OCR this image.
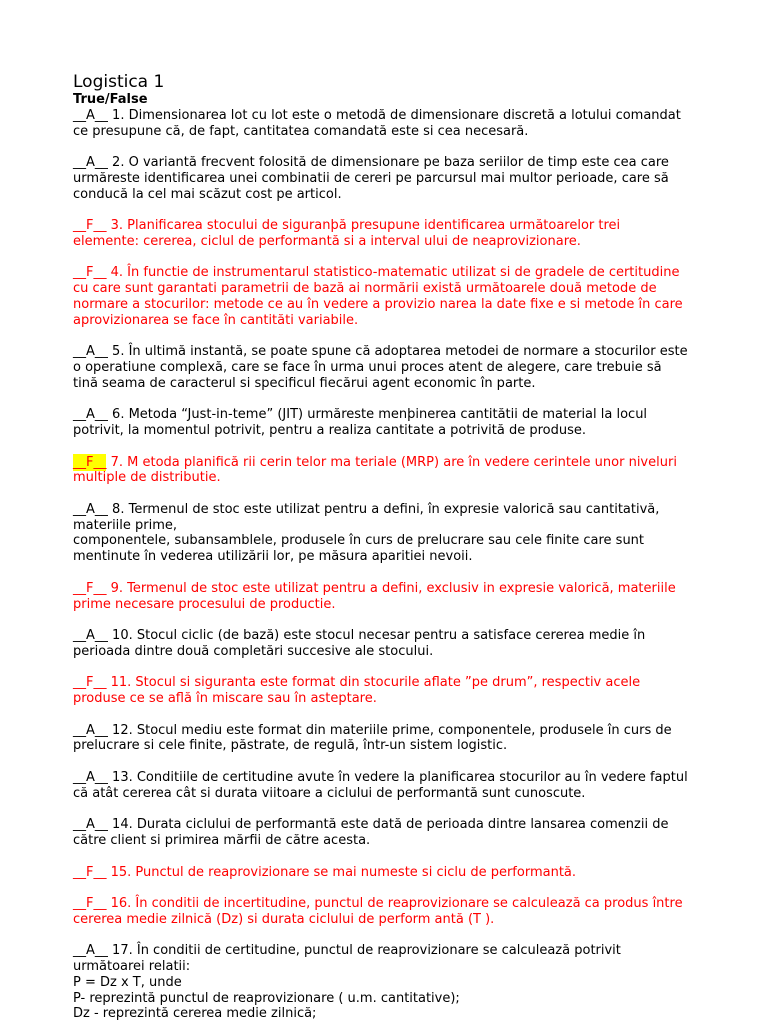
Logistica 1
True/False
__A__ 1. Dimensionarea lot cu lot este o metodă de dimensionare discretă a lotului comandat
ce presupune că, de fapt, cantitatea comandată este si cea necesară.
__A__ 2. O variantă frecvent folosită de dimensionare pe baza seriilor de timp este cea care
urmăreste identificarea unei combinatii de cereri pe parcursul mai multor perioade, care să
conducă la cel mai scăzut cost pe articol.
__F__ 3. Planificarea stocului de siguranþă presupune identificarea următoarelor trei
elemente: cererea, ciclul de performantă si a interval ului de neaprovizionare.
__F__ 4. În functie de instrumentarul statistico-matematic utilizat si de gradele de certitudine
cu care sunt garantati parametrii de bază ai normării există următoarele două metode de
normare a stocurilor: metode ce au în vedere a provizio narea la date fixe e si metode în care
aprovizionarea se face în cantităti variabile.
__A__ 5. În ultimă instantă, se poate spune că adoptarea metodei de normare a stocurilor este
o operatiune complexă, care se face în urma unui proces atent de alegere, care trebuie să
tină seama de caracterul si specificul fiecărui agent economic în parte.
__A__ 6. Metoda “Just-in-teme” (JIT) urmăreste menþinerea cantitătii de material la locul
potrivit, la momentul potrivit, pentru a realiza cantitate a potrivită de produse.
__F__ 7. M etoda planifică rii cerin telor ma teriale (MRP) are în vedere cerintele unor niveluri
multiple de distributie.
__A__ 8. Termenul de stoc este utilizat pentru a defini, în expresie valorică sau cantitativă,
materiile prime,
componentele, subansamblele, produsele în curs de prelucrare sau cele finite care sunt
mentinute în vederea utilizării lor, pe măsura aparitiei nevoii.
__F__ 9. Termenul de stoc este utilizat pentru a defini, exclusiv in expresie valorică, materiile
prime necesare procesului de productie.
__A__ 10. Stocul ciclic (de bază) este stocul necesar pentru a satisface cererea medie în
perioada dintre două completări succesive ale stocului.
__F__ 11. Stocul si siguranta este format din stocurile aflate ”pe drum”, respectiv acele
produse ce se află în miscare sau în asteptare.
__A__ 12. Stocul mediu este format din materiile prime, componentele, produsele în curs de
prelucrare si cele finite, păstrate, de regulă, într-un sistem logistic.
__A__ 13. Conditiile de certitudine avute în vedere la planificarea stocurilor au în vedere faptul
că atât cererea cât si durata viitoare a ciclului de performantă sunt cunoscute.
__A__ 14. Durata ciclului de performantă este dată de perioada dintre lansarea comenzii de
către client si primirea mărfii de către acesta.
__F__ 15. Punctul de reaprovizionare se mai numeste si ciclu de performantă.
__F__ 16. În conditii de incertitudine, punctul de reaprovizionare se calculează ca produs între
cererea medie zilnică (Dz) si durata ciclului de perform antă (T ).
__A__ 17. În conditii de certitudine, punctul de reaprovizionare se calculează potrivit
următoarei relatii:
P = Dz x T, unde
P- reprezintă punctul de reaprovizionare ( u.m. cantitative);
Dz - reprezintă cererea medie zilnică;
